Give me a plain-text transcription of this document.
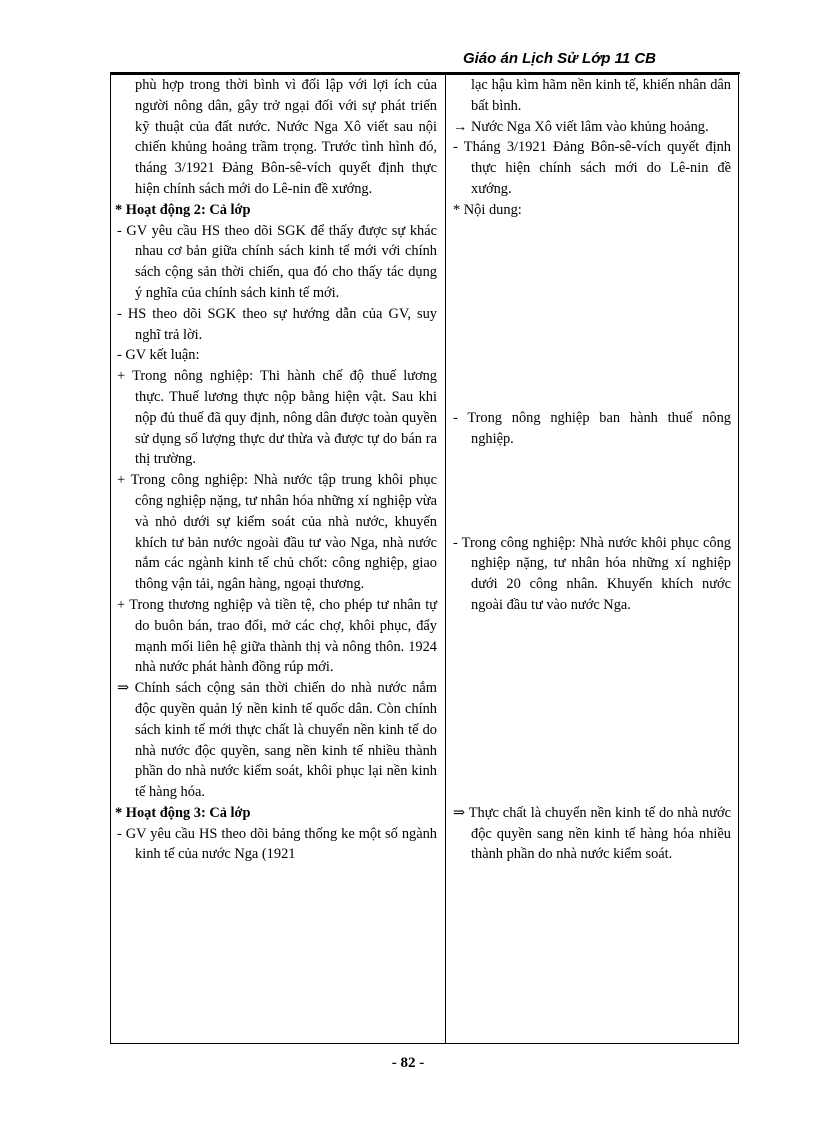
Giáo án Lịch Sử Lớp 11 CB

phù hợp trong thời bình vì đối lập với lợi ích của người nông dân, gây trở ngại đối với sự phát triển kỹ thuật của đất nước. Nước Nga Xô viết sau nội chiến khủng hoảng trầm trọng. Trước tình hình đó, tháng 3/1921 Đảng Bôn-sê-vích quyết định thực hiện chính sách mới do Lê-nin đề xướng.

* Hoạt động 2: Cả lớp

- GV yêu cầu HS theo dõi SGK để thấy được sự khác nhau cơ bản giữa chính sách kinh tế mới với chính sách cộng sản thời chiến, qua đó cho thấy tác dụng ý nghĩa của chính sách kinh tế mới.

- HS theo dõi SGK theo sự hướng dẫn của GV, suy nghĩ trả lời.

- GV kết luận:

+ Trong nông nghiệp: Thi hành chế độ thuế lương thực. Thuế lương thực nộp bằng hiện vật. Sau khi nộp đủ thuế đã quy định, nông dân được toàn quyền sử dụng số lượng thực dư thừa và được tự do bán ra thị trường.

+ Trong công nghiệp: Nhà nước tập trung khôi phục công nghiệp nặng, tư nhân hóa những xí nghiệp vừa và nhỏ dưới sự kiểm soát của nhà nước, khuyến khích tư bản nước ngoài đầu tư vào Nga, nhà nước nắm các ngành kinh tế chủ chốt: công nghiệp, giao thông vận tải, ngân hàng, ngoại thương.

+ Trong thương nghiệp và tiền tệ, cho phép tư nhân tự do buôn bán, trao đổi, mở các chợ, khôi phục, đẩy mạnh mối liên hệ giữa thành thị và nông thôn. 1924 nhà nước phát hành đồng rúp mới.

⇒ Chính sách cộng sản thời chiến do nhà nước nắm độc quyền quản lý nền kinh tế quốc dân. Còn chính sách kinh tế mới thực chất là chuyển nền kinh tế do nhà nước độc quyền, sang nền kinh tế nhiều thành phần do nhà nước kiểm soát, khôi phục lại nền kinh tế hàng hóa.

* Hoạt động 3: Cả lớp

- GV yêu cầu HS theo dõi bảng thống ke một số ngành kinh tế của nước Nga (1921

lạc hậu kìm hãm nền kinh tế, khiến nhân dân bất bình.

→ Nước Nga Xô viết lâm vào khủng hoảng.

- Tháng 3/1921 Đảng Bôn-sê-vích quyết định thực hiện chính sách mới do Lê-nin đề xướng.

* Nội dung:

- Trong nông nghiệp ban hành thuế nông nghiệp.

- Trong công nghiệp: Nhà nước khôi phục công nghiệp nặng, tư nhân hóa những xí nghiệp dưới 20 công nhân. Khuyến khích nước ngoài đầu tư vào nước Nga.

⇒ Thực chất là chuyển nền kinh tế do nhà nước độc quyền sang nền kinh tế hàng hóa nhiều thành phần do nhà nước kiểm soát.

- 82 -
